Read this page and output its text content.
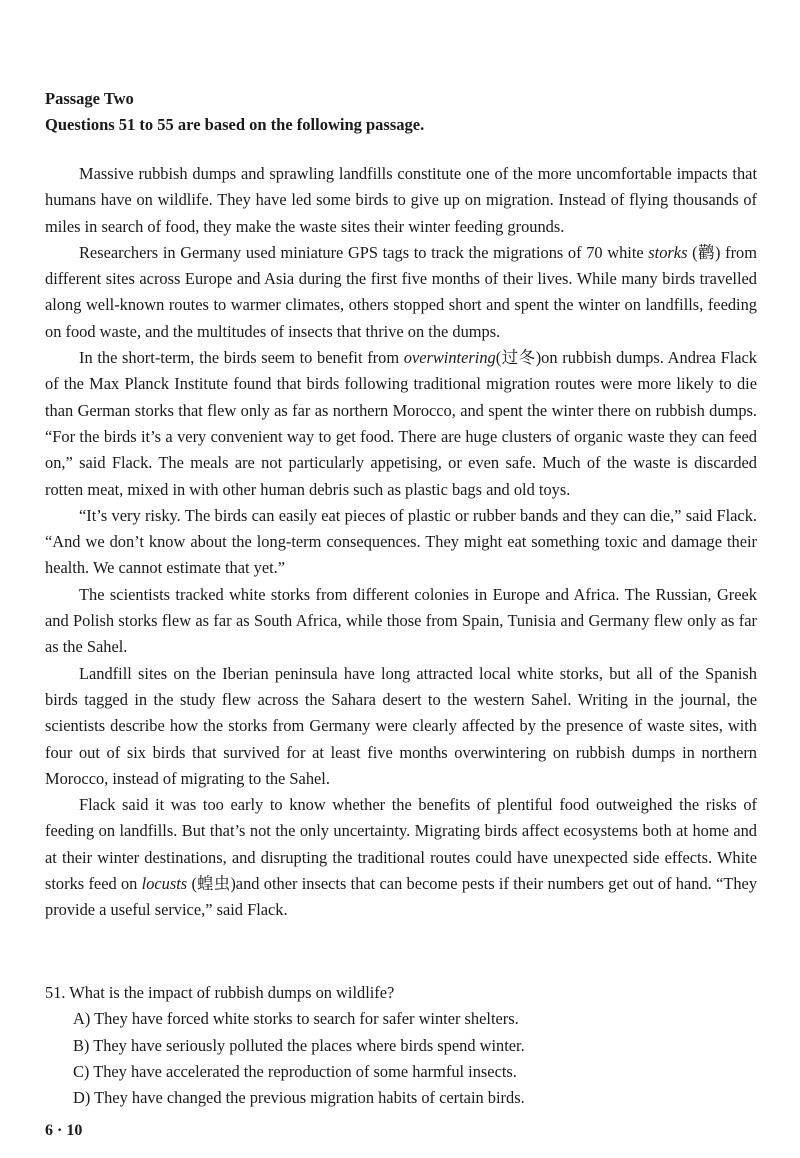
Passage Two
Questions 51 to 55 are based on the following passage.

Massive rubbish dumps and sprawling landfills constitute one of the more uncomfortable impacts that humans have on wildlife. They have led some birds to give up on migration. Instead of flying thousands of miles in search of food, they make the waste sites their winter feeding grounds.

Researchers in Germany used miniature GPS tags to track the migrations of 70 white storks (鹳) from different sites across Europe and Asia during the first five months of their lives. While many birds travelled along well-known routes to warmer climates, others stopped short and spent the winter on landfills, feeding on food waste, and the multitudes of insects that thrive on the dumps.

In the short-term, the birds seem to benefit from overwintering(过冬)on rubbish dumps. Andrea Flack of the Max Planck Institute found that birds following traditional migration routes were more likely to die than German storks that flew only as far as northern Morocco, and spent the winter there on rubbish dumps. “For the birds it’s a very convenient way to get food. There are huge clusters of organic waste they can feed on,” said Flack. The meals are not particularly appetising, or even safe. Much of the waste is discarded rotten meat, mixed in with other human debris such as plastic bags and old toys.

“It’s very risky. The birds can easily eat pieces of plastic or rubber bands and they can die,” said Flack. “And we don’t know about the long-term consequences. They might eat something toxic and damage their health. We cannot estimate that yet.”

The scientists tracked white storks from different colonies in Europe and Africa. The Russian, Greek and Polish storks flew as far as South Africa, while those from Spain, Tunisia and Germany flew only as far as the Sahel.

Landfill sites on the Iberian peninsula have long attracted local white storks, but all of the Spanish birds tagged in the study flew across the Sahara desert to the western Sahel. Writing in the journal, the scientists describe how the storks from Germany were clearly affected by the presence of waste sites, with four out of six birds that survived for at least five months overwintering on rubbish dumps in northern Morocco, instead of migrating to the Sahel.

Flack said it was too early to know whether the benefits of plentiful food outweighed the risks of feeding on landfills. But that’s not the only uncertainty. Migrating birds affect ecosystems both at home and at their winter destinations, and disrupting the traditional routes could have unexpected side effects. White storks feed on locusts (蝗虫)and other insects that can become pests if their numbers get out of hand. “They provide a useful service,” said Flack.

51. What is the impact of rubbish dumps on wildlife?
A) They have forced white storks to search for safer winter shelters.
B) They have seriously polluted the places where birds spend winter.
C) They have accelerated the reproduction of some harmful insects.
D) They have changed the previous migration habits of certain birds.
6 · 10
